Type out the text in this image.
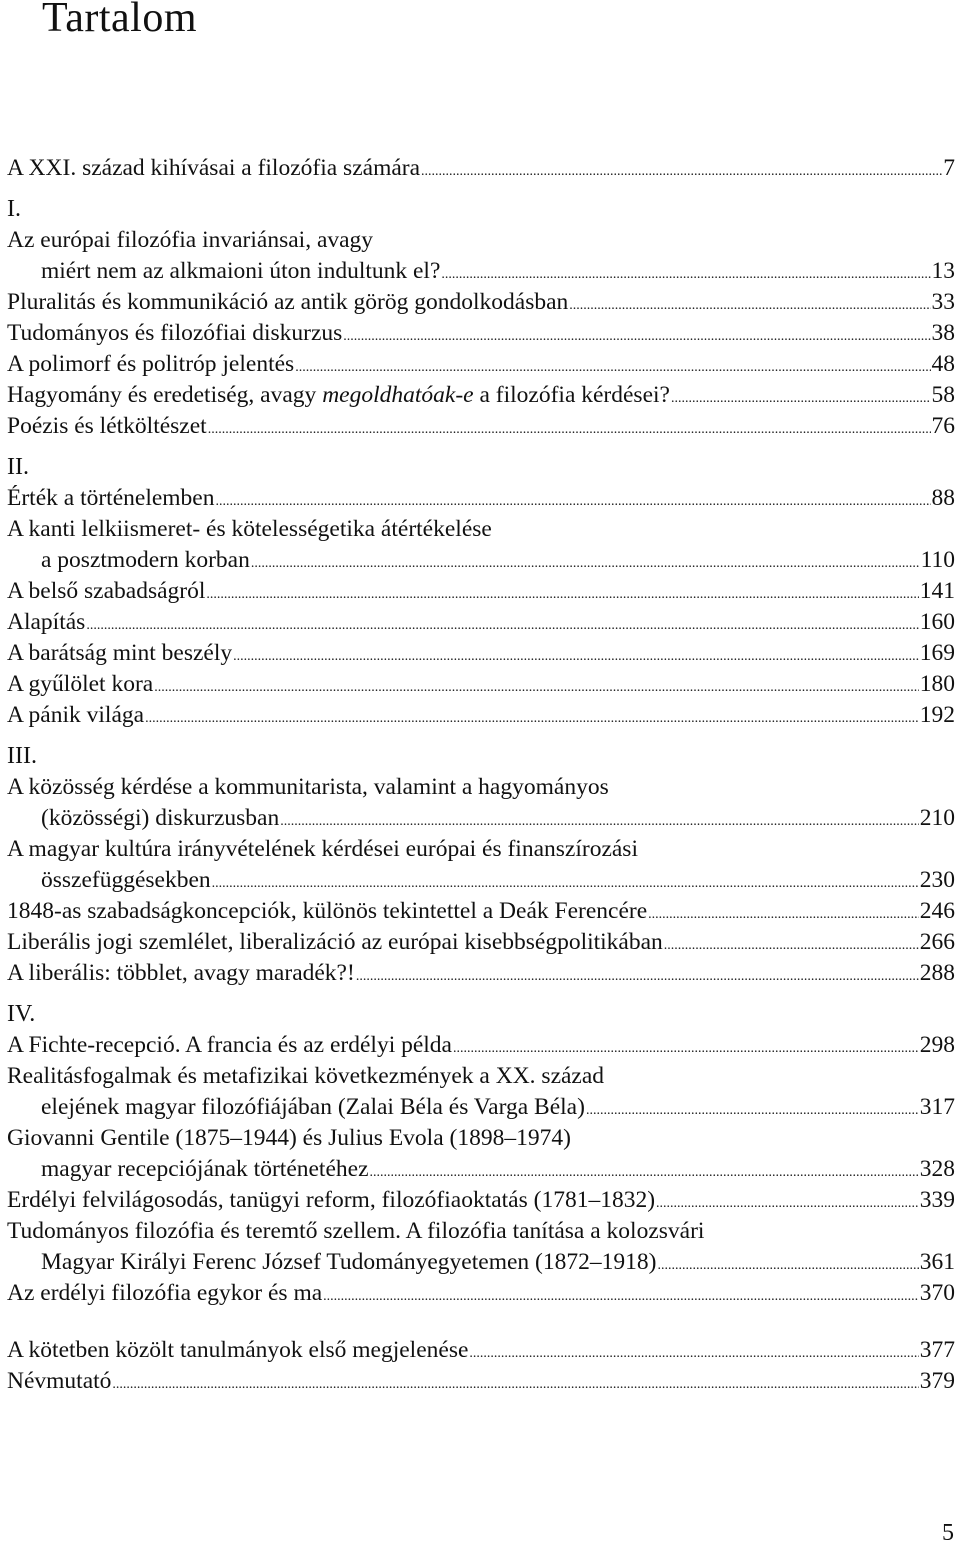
Tartalom
A XXI. század kihívásai a filozófia számára .....	7
I.
Az európai filozófia invariánsai, avagy
miért nem az alkmaioni úton indultunk el? .....	13
Pluralitás és kommunikáció az antik görög gondolkodásban .....	33
Tudományos és filozófiai diskurzus .....	38
A polimorf és politróp jelentés .....	48
Hagyomány és eredetiség, avagy megoldhatóak-e a filozófia kérdései? .....	58
Poézis és létköltészet .....	76
II.
Érték a történelemben .....	88
A kanti lelkiismeret- és kötelességetika átértékelése
a posztmodern korban .....	110
A belső szabadságról .....	141
Alapítás .....	160
A barátság mint beszély .....	169
A gyűlölet kora .....	180
A pánik világa .....	192
III.
A közösség kérdése a kommunitarista, valamint a hagyományos
(közösségi) diskurzusban .....	210
A magyar kultúra irányvételének kérdései európai és finanszírozási
összefüggésekben .....	230
1848-as szabadságkoncepciók, különös tekintettel a Deák Ferencére .....	246
Liberális jogi szemlélet, liberalizáció az európai kisebbségpolitikában .....	266
A liberális: többlet, avagy maradék?! .....	288
IV.
A Fichte-recepció. A francia és az erdélyi példa .....	298
Realitásfogalmak és metafizikai következmények a XX. század
elejének magyar filozófiájában (Zalai Béla és Varga Béla) .....	317
Giovanni Gentile (1875–1944) és Julius Evola (1898–1974)
magyar recepciójának történetéhez .....	328
Erdélyi felvilágosodás, tanügyi reform, filozófiaoktatás (1781–1832) .....	339
Tudományos filozófia és teremtő szellem. A filozófia tanítása a kolozsvári
Magyar Királyi Ferenc József Tudományegyetemen (1872–1918) .....	361
Az erdélyi filozófia egykor és ma .....	370
A kötetben közölt tanulmányok első megjelenése .....	377
Névmutató .....	379
5
